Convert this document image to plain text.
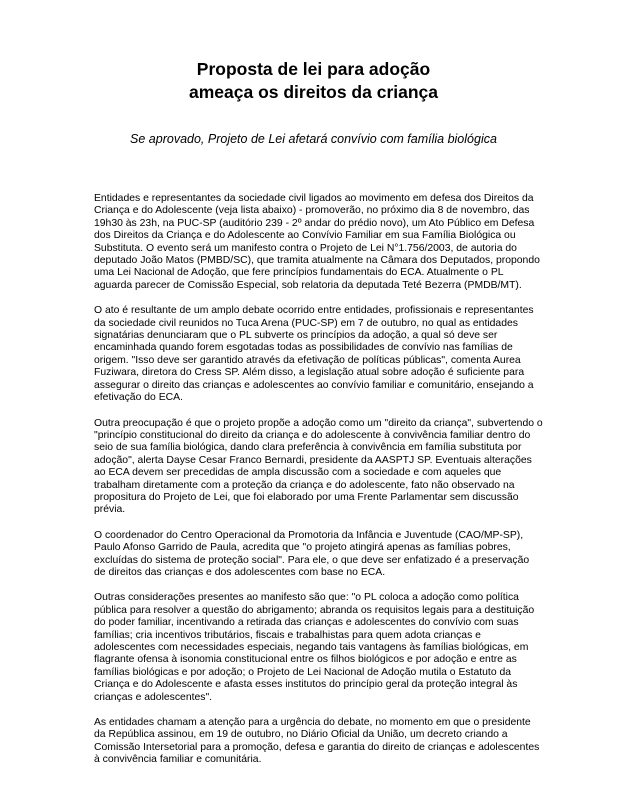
Proposta de lei para adoção
ameaça os direitos da criança
Se aprovado, Projeto de Lei afetará convívio com família biológica

Entidades e representantes da sociedade civil ligados ao movimento em defesa dos Direitos da Criança e do Adolescente (veja lista abaixo) - promoverão, no próximo dia 8 de novembro, das 19h30 às 23h, na PUC-SP (auditório 239 - 2º andar do prédio novo), um Ato Público em Defesa dos Direitos da Criança e do Adolescente ao Convívio Familiar em sua Família Biológica ou Substituta. O evento será um manifesto contra o Projeto de Lei N°1.756/2003, de autoria do deputado João Matos (PMBD/SC), que tramita atualmente na Câmara dos Deputados, propondo uma Lei Nacional de Adoção, que fere princípios fundamentais do ECA. Atualmente o PL aguarda parecer de Comissão Especial, sob relatoria da deputada Teté Bezerra (PMDB/MT).

O ato é resultante de um amplo debate ocorrido entre entidades, profissionais e representantes da sociedade civil reunidos no Tuca Arena (PUC-SP) em 7 de outubro, no qual as entidades signatárias denunciaram que o PL subverte os princípios da adoção, a qual só deve ser encaminhada quando forem esgotadas todas as possibilidades de convívio nas famílias de origem. "Isso deve ser garantido através da efetivação de políticas públicas", comenta Aurea Fuziwara, diretora do Cress SP. Além disso, a legislação atual sobre adoção é suficiente para assegurar o direito das crianças e adolescentes ao convívio familiar e comunitário, ensejando a efetivação do ECA.

Outra preocupação é que o projeto propõe a adoção como um "direito da criança", subvertendo o "princípio constitucional do direito da criança e do adolescente à convivência familiar dentro do seio de sua família biológica, dando clara preferência à convivência em família substituta por adoção", alerta Dayse Cesar Franco Bernardi, presidente da AASPTJ SP. Eventuais alterações ao ECA devem ser precedidas de ampla discussão com a sociedade e com aqueles que trabalham diretamente com a proteção da criança e do adolescente, fato não observado na propositura do Projeto de Lei, que foi elaborado por uma Frente Parlamentar sem discussão prévia.

O coordenador do Centro Operacional da Promotoria da Infância e Juventude (CAO/MP-SP), Paulo Afonso Garrido de Paula, acredita que "o projeto atingirá apenas as famílias pobres, excluídas do sistema de proteção social". Para ele, o que deve ser enfatizado é a preservação de direitos das crianças e dos adolescentes com base no ECA.

Outras considerações presentes ao manifesto são que: "o PL coloca a adoção como política pública para resolver a questão do abrigamento; abranda os requisitos legais para a destituição do poder familiar, incentivando a retirada das crianças e adolescentes do convívio com suas famílias; cria incentivos tributários, fiscais e trabalhistas para quem adota crianças e adolescentes com necessidades especiais, negando tais vantagens às famílias biológicas, em flagrante ofensa à isonomia constitucional entre os filhos biológicos e por adoção e entre as famílias biológicas e por adoção; o Projeto de Lei Nacional de Adoção mutila o Estatuto da Criança e do Adolescente e afasta esses institutos do princípio geral da proteção integral às crianças e adolescentes".

As entidades chamam a atenção para a urgência do debate, no momento em que o presidente da República assinou, em 19 de outubro, no Diário Oficial da União, um decreto criando a Comissão Intersetorial para a promoção, defesa e garantia do direito de crianças e adolescentes à convivência familiar e comunitária.
